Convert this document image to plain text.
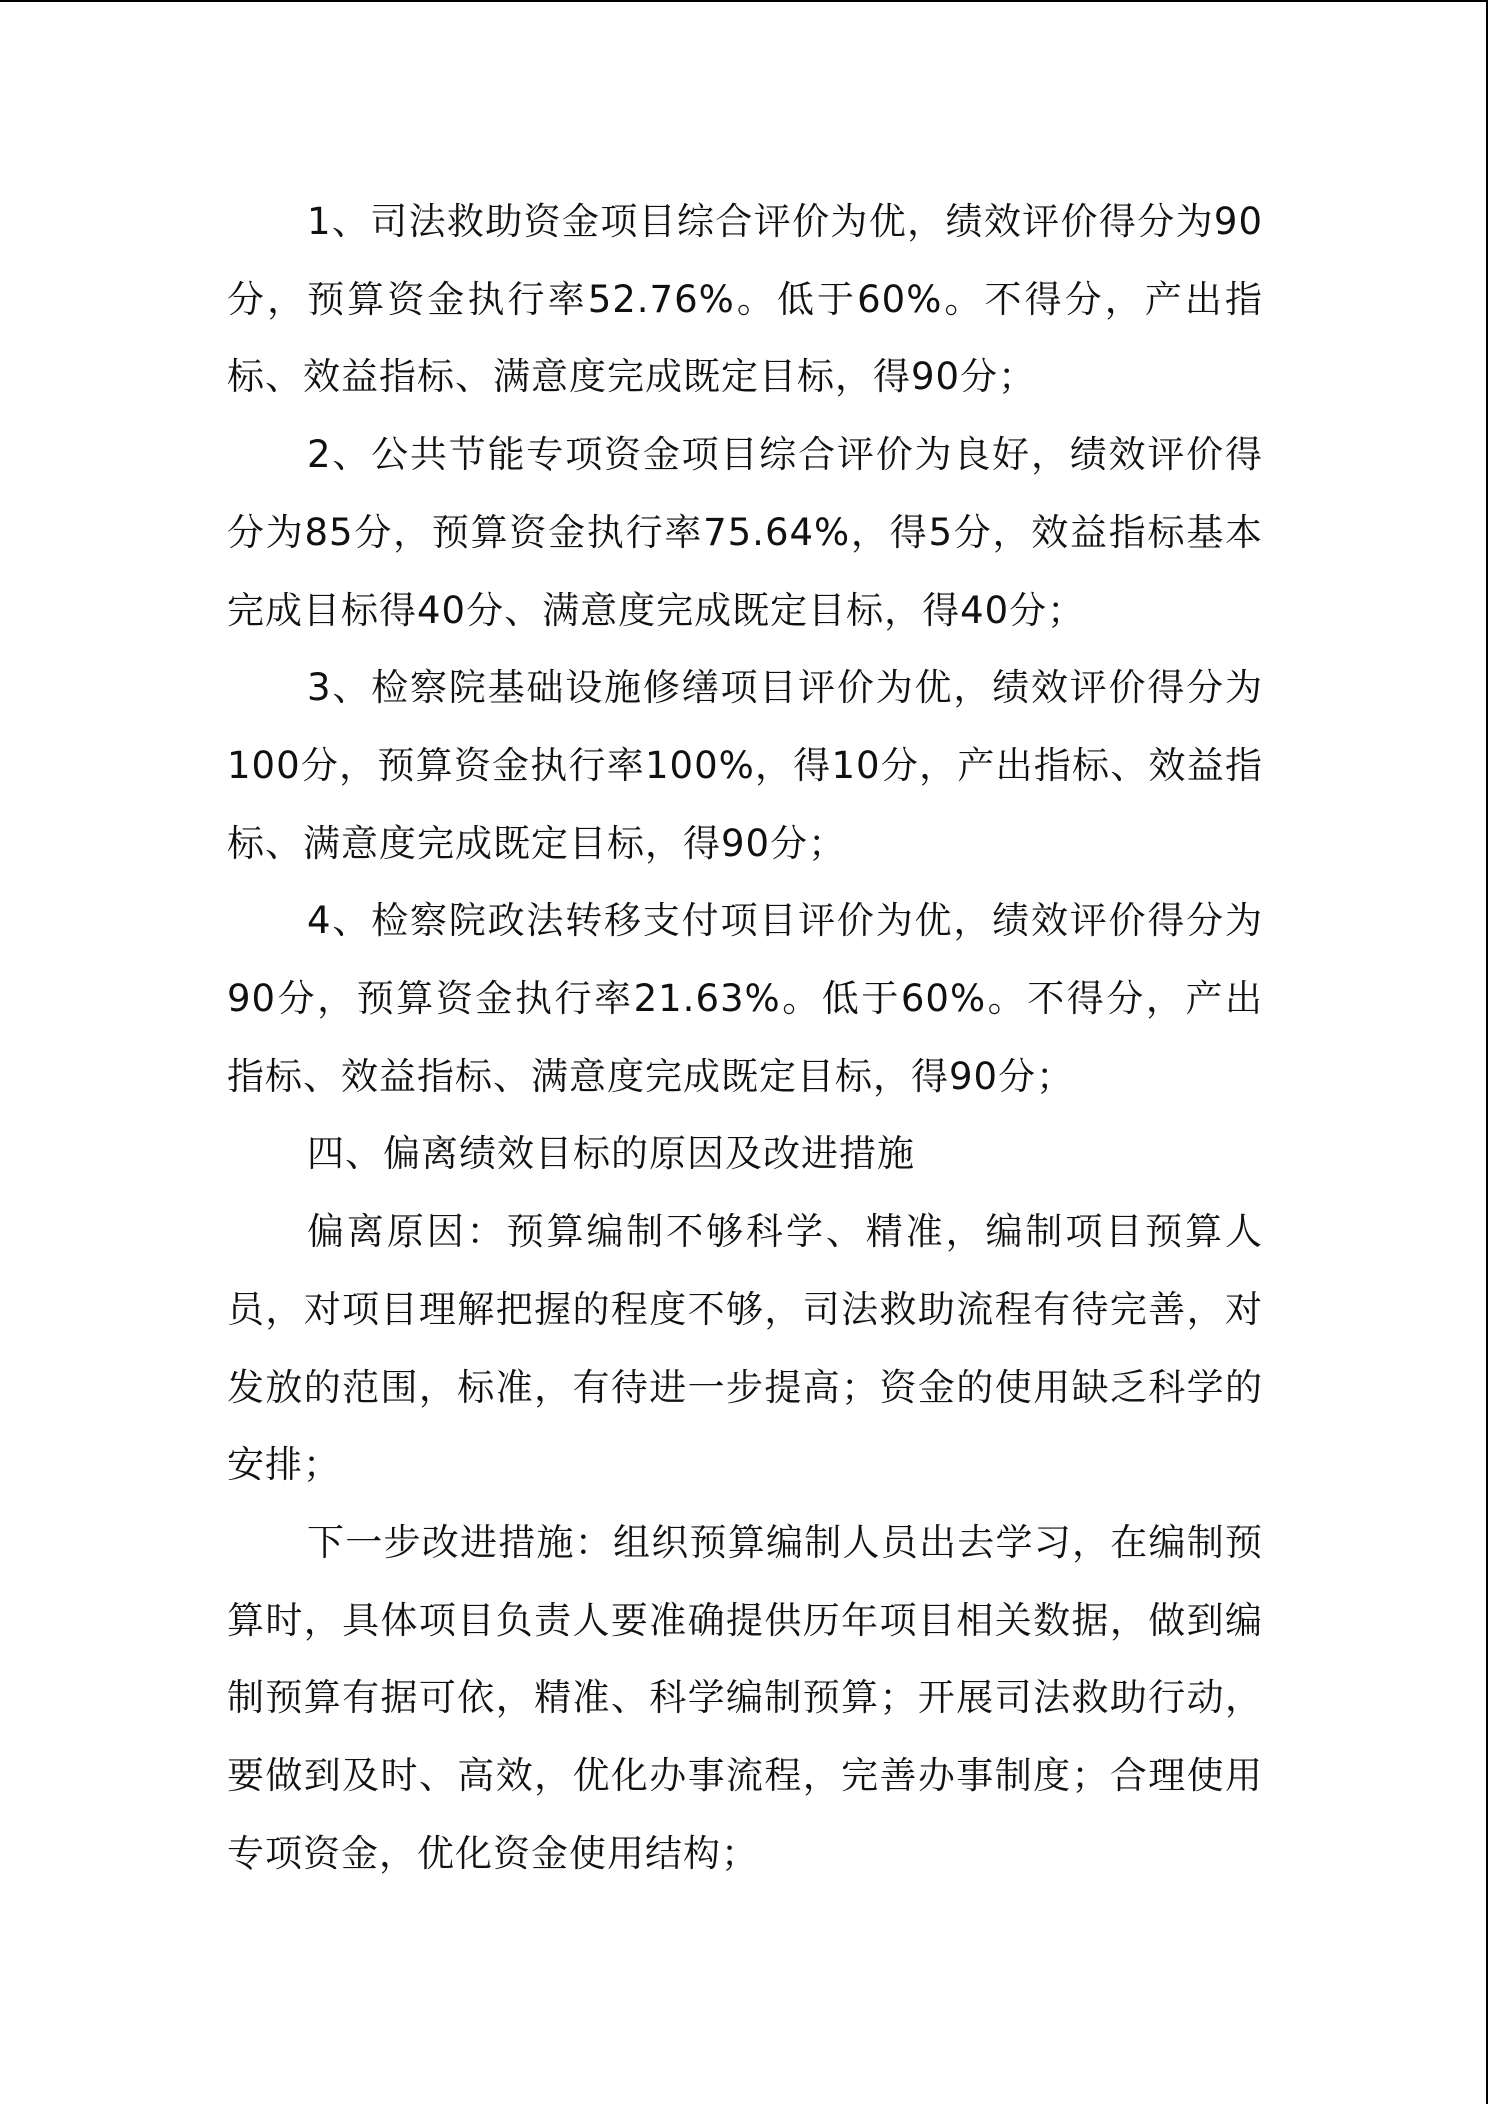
1、司法救助资金项目综合评价为优，绩效评价得分为90分，预算资金执行率52.76%。低于60%。不得分，产出指标、效益指标、满意度完成既定目标，得90分；

2、公共节能专项资金项目综合评价为良好，绩效评价得分为85分，预算资金执行率75.64%，得5分，效益指标基本完成目标得40分、满意度完成既定目标，得40分；

3、检察院基础设施修缮项目评价为优，绩效评价得分为100分，预算资金执行率100%，得10分，产出指标、效益指标、满意度完成既定目标，得90分；

4、检察院政法转移支付项目评价为优，绩效评价得分为90分，预算资金执行率21.63%。低于60%。不得分，产出指标、效益指标、满意度完成既定目标，得90分；

四、偏离绩效目标的原因及改进措施

偏离原因：预算编制不够科学、精准，编制项目预算人员，对项目理解把握的程度不够，司法救助流程有待完善，对发放的范围，标准，有待进一步提高；资金的使用缺乏科学的安排；

下一步改进措施：组织预算编制人员出去学习，在编制预算时，具体项目负责人要准确提供历年项目相关数据，做到编制预算有据可依，精准、科学编制预算；开展司法救助行动，要做到及时、高效，优化办事流程，完善办事制度；合理使用专项资金，优化资金使用结构；
